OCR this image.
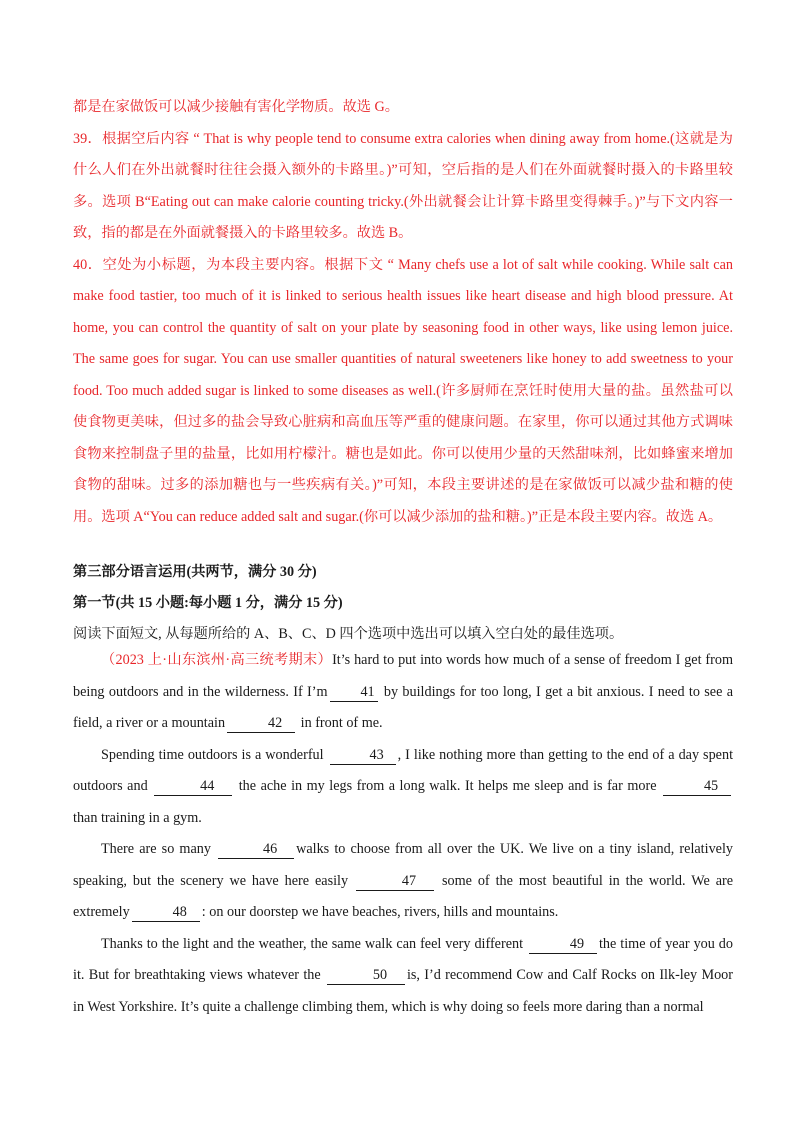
都是在家做饭可以减少接触有害化学物质。故选 G。

39．根据空后内容 “ That is why people tend to consume extra calories when dining away from home.(这就是为什么人们在外出就餐时往往会摄入额外的卡路里。)”可知，空后指的是人们在外面就餐时摄入的卡路里较多。选项 B“Eating out can make calorie counting tricky.(外出就餐会让计算卡路里变得棘手。)”与下文内容一致，指的都是在外面就餐摄入的卡路里较多。故选 B。

40．空处为小标题，为本段主要内容。根据下文 “ Many chefs use a lot of salt while cooking. While salt can make food tastier, too much of it is linked to serious health issues like heart disease and high blood pressure. At home, you can control the quantity of salt on your plate by seasoning food in other ways, like using lemon juice. The same goes for sugar. You can use smaller quantities of natural sweeteners like honey to add sweetness to your food. Too much added sugar is linked to some diseases as well.(许多厨师在烹饪时使用大量的盐。虽然盐可以使食物更美味，但过多的盐会导致心脏病和高血压等严重的健康问题。在家里，你可以通过其他方式调味食物来控制盘子里的盐量，比如用柠檬汁。糖也是如此。你可以使用少量的天然甜味剂，比如蜂蜜来增加食物的甜味。过多的添加糖也与一些疾病有关。)”可知，本段主要讲述的是在家做饭可以减少盐和糖的使用。选项 A“You can reduce added salt and sugar.(你可以减少添加的盐和糖。)”正是本段主要内容。故选 A。

第三部分语言运用(共两节，满分 30 分)

第一节(共 15 小题:每小题 1 分，满分 15 分)

阅读下面短文, 从每题所给的 A、B、C、D 四个选项中选出可以填入空白处的最佳选项。

（2023 上·山东滨州·高三统考期末）It’s hard to put into words how much of a sense of freedom I get from being outdoors and in the wilderness. If I’m 41 by buildings for too long, I get a bit anxious. I need to see a field, a river or a mountain	42 in front of me.

Spending time outdoors is a wonderful	43 , I like nothing more than getting to the end of a day spent outdoors and	44 the ache in my legs from a long walk. It helps me sleep and is far more	45 than training in a gym.

There are so many	46 walks to choose from all over the UK. We live on a tiny island, relatively speaking, but the scenery we have here easily	47 some of the most beautiful in the world. We are extremely	48 : on our doorstep we have beaches, rivers, hills and mountains.

Thanks to the light and the weather, the same walk can feel very different	49 the time of year you do it. But for breathtaking views whatever the	50 is, I’d recommend Cow and Calf Rocks on Ilk-ley Moor in West Yorkshire. It’s quite a challenge climbing them, which is why doing so feels more daring than a normal
